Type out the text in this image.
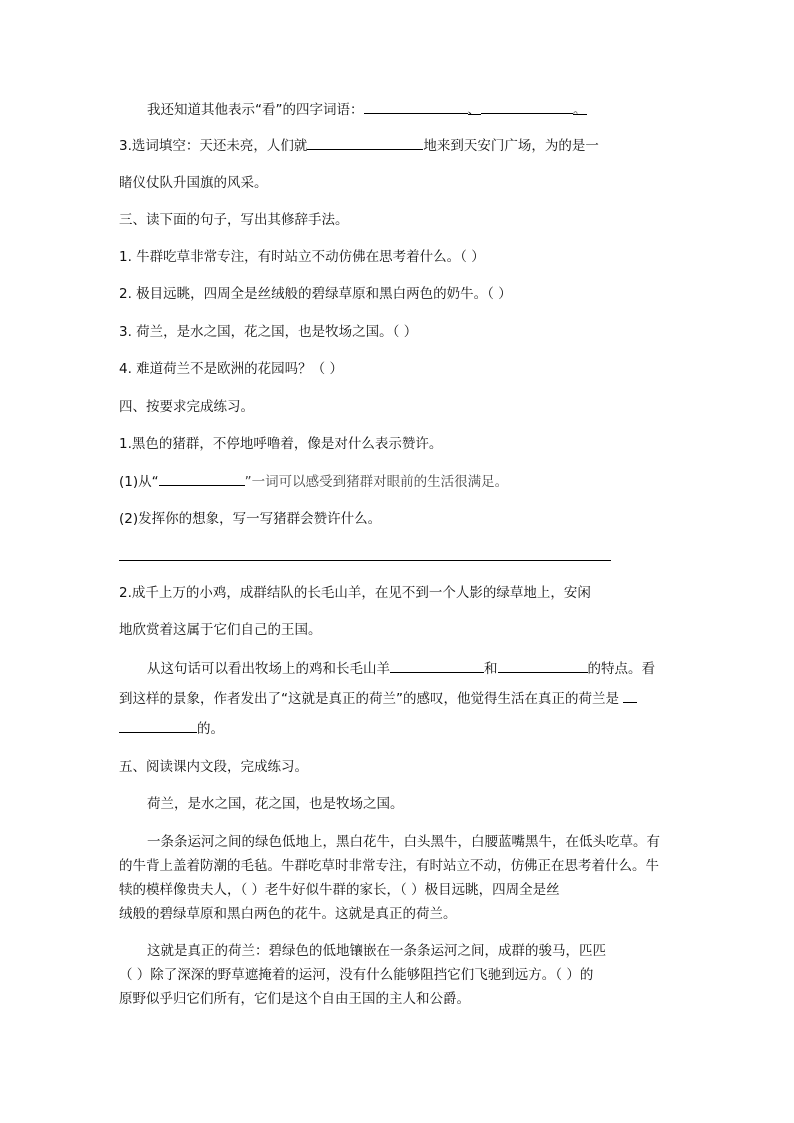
我还知道其他表示“看”的四字词语：	、	。
3.选词填空：天还未亮，人们就	地来到天安门广场，为的是一
睹仪仗队升国旗的风采。
三、读下面的句子，写出其修辞手法。
1. 牛群吃草非常专注，有时站立不动仿佛在思考着什么。（ ）
2. 极目远眺，四周全是丝绒般的碧绿草原和黑白两色的奶牛。（ ）
3. 荷兰，是水之国，花之国，也是牧场之国。（ ）
4. 难道荷兰不是欧洲的花园吗？（ ）
四、按要求完成练习。
1.黑色的猪群，不停地呼噜着，像是对什么表示赞许。
(1)从“	”一词可以感受到猪群对眼前的生活很满足。
(2)发挥你的想象，写一写猪群会赞许什么。
2.成千上万的小鸡，成群结队的长毛山羊，在见不到一个人影的绿草地上，安闲
地欣赏着这属于它们自己的王国。
从这句话可以看出牧场上的鸡和长毛山羊	和	的特点。看
到这样的景象，作者发出了“这就是真正的荷兰”的感叹，他觉得生活在真正的荷兰是
的。
五、阅读课内文段，完成练习。
荷兰，是水之国，花之国，也是牧场之国。
一条条运河之间的绿色低地上，黑白花牛，白头黑牛，白腰蓝嘴黑牛，在低头吃草。有
的牛背上盖着防潮的毛毡。牛群吃草时非常专注，有时站立不动，仿佛正在思考着什么。牛
犊的模样像贵夫人，（ ）老牛好似牛群的家长，（ ）极目远眺，四周全是丝
绒般的碧绿草原和黑白两色的花牛。这就是真正的荷兰。
这就是真正的荷兰：碧绿色的低地镶嵌在一条条运河之间，成群的骏马，匹匹
（ ）除了深深的野草遮掩着的运河，没有什么能够阻挡它们飞驰到远方。（ ）的
原野似乎归它们所有，它们是这个自由王国的主人和公爵。
